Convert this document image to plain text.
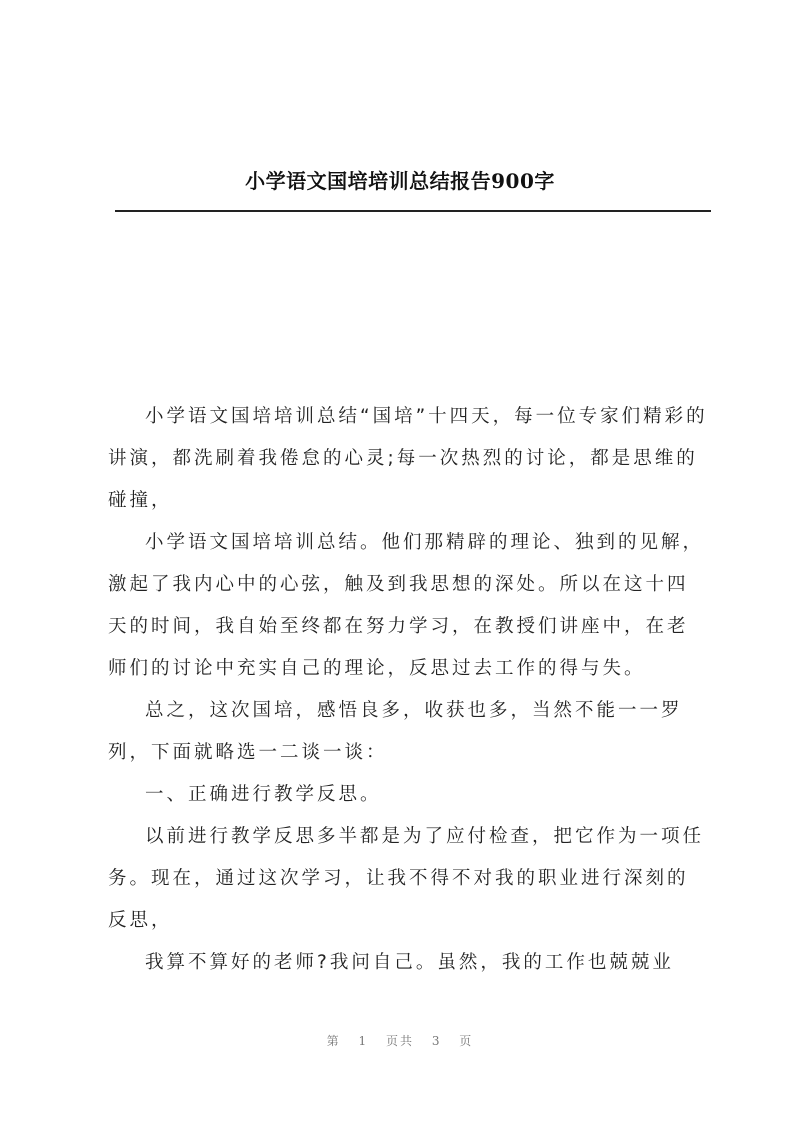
小学语文国培培训总结报告900字

小学语文国培培训总结“国培”十四天，每一位专家们精彩的讲演，都洗刷着我倦怠的心灵;每一次热烈的讨论，都是思维的碰撞，

小学语文国培培训总结。他们那精辟的理论、独到的见解，激起了我内心中的心弦，触及到我思想的深处。所以在这十四天的时间，我自始至终都在努力学习，在教授们讲座中，在老师们的讨论中充实自己的理论，反思过去工作的得与失。

总之，这次国培，感悟良多，收获也多，当然不能一一罗列，下面就略选一二谈一谈：

一、正确进行教学反思。

以前进行教学反思多半都是为了应付检查，把它作为一项任务。现在，通过这次学习，让我不得不对我的职业进行深刻的反思，

我算不算好的老师?我问自己。虽然，我的工作也兢兢业

第 1 页共 3 页
